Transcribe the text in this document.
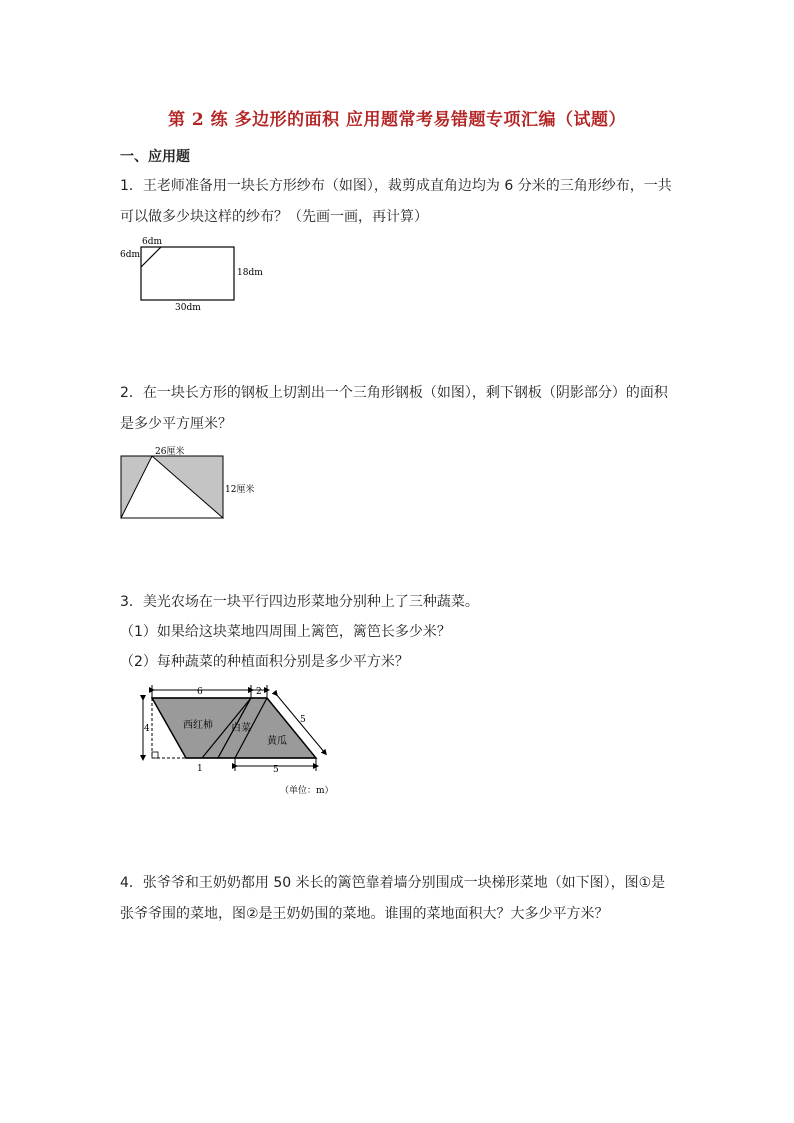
第 2 练 多边形的面积 应用题常考易错题专项汇编（试题）
一、应用题
1．王老师准备用一块长方形纱布（如图），裁剪成直角边均为 6 分米的三角形纱布，一共
可以做多少块这样的纱布？（先画一画，再计算）
6dm
6dm
18dm
30dm
2．在一块长方形的钢板上切割出一个三角形钢板（如图），剩下钢板（阴影部分）的面积
是多少平方厘米？
26厘米
12厘米
3．美光农场在一块平行四边形菜地分别种上了三种蔬菜。
（1）如果给这块菜地四周围上篱笆，篱笆长多少米？
（2）每种蔬菜的种植面积分别是多少平方米？
6	2
4
5
1	5
西红柿 白菜
黄瓜
（单位：m）
4．张爷爷和王奶奶都用 50 米长的篱笆靠着墙分别围成一块梯形菜地（如下图），图①是
张爷爷围的菜地，图②是王奶奶围的菜地。谁围的菜地面积大？大多少平方米？
